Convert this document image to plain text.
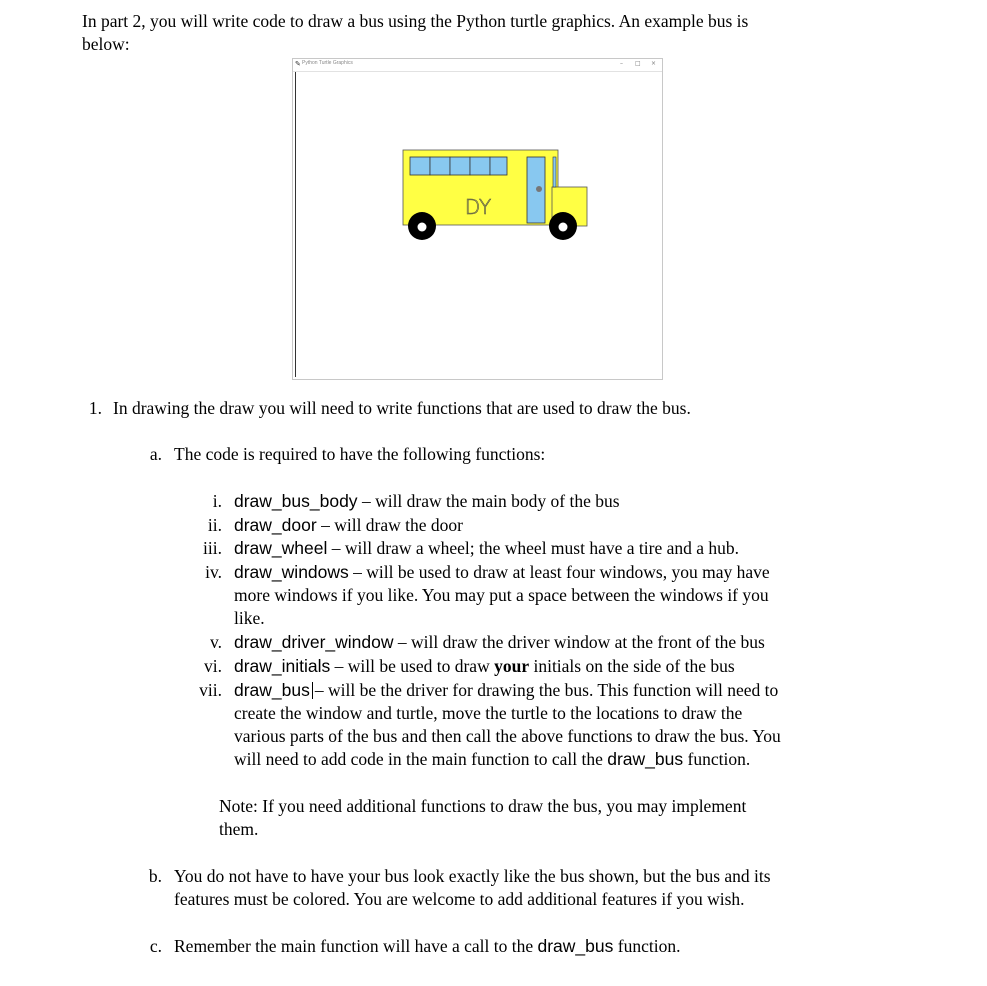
In part 2, you will write code to draw a bus using the Python turtle graphics. An example bus is
below:
✎ Python Turtle Graphics	– □ ×
DY
1. In drawing the draw you will need to write functions that are used to draw the bus.
a. The code is required to have the following functions:
i. draw_bus_body – will draw the main body of the bus
ii. draw_door – will draw the door
iii. draw_wheel – will draw a wheel; the wheel must have a tire and a hub.
iv. draw_windows – will be used to draw at least four windows, you may have
more windows if you like. You may put a space between the windows if you
like.
v. draw_driver_window – will draw the driver window at the front of the bus
vi. draw_initials – will be used to draw your initials on the side of the bus
vii. draw_bus – will be the driver for drawing the bus. This function will need to
create the window and turtle, move the turtle to the locations to draw the
various parts of the bus and then call the above functions to draw the bus. You
will need to add code in the main function to call the draw_bus function.
Note: If you need additional functions to draw the bus, you may implement
them.
b. You do not have to have your bus look exactly like the bus shown, but the bus and its
features must be colored. You are welcome to add additional features if you wish.
c. Remember the main function will have a call to the draw_bus function.
